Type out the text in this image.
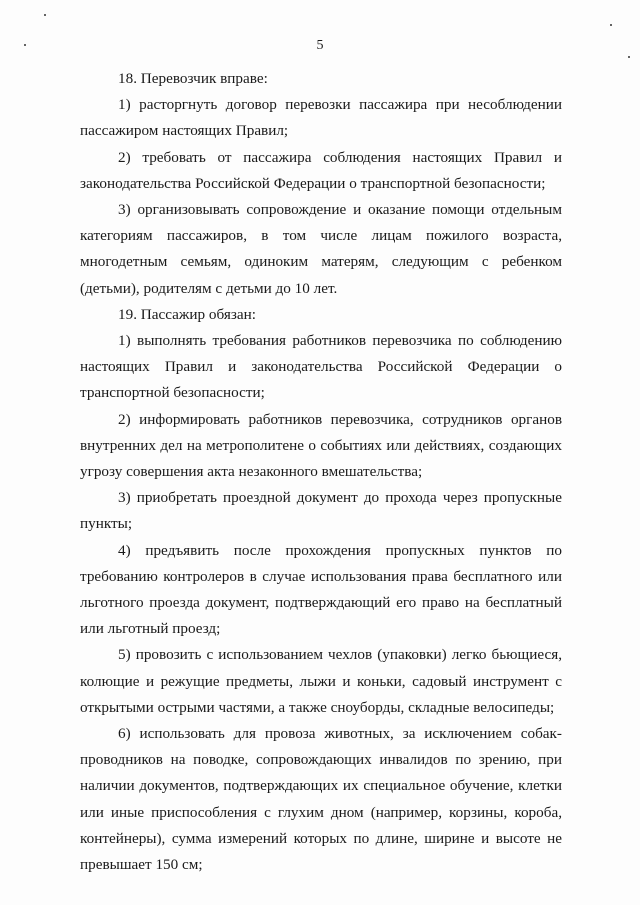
5

18. Перевозчик вправе:

1) расторгнуть договор перевозки пассажира при несоблюдении пассажиром настоящих Правил;

2) требовать от пассажира соблюдения настоящих Правил и законодательства Российской Федерации о транспортной безопасности;

3) организовывать сопровождение и оказание помощи отдельным категориям пассажиров, в том числе лицам пожилого возраста, многодетным семьям, одиноким матерям, следующим с ребенком (детьми), родителям с детьми до 10 лет.

19. Пассажир обязан:

1) выполнять требования работников перевозчика по соблюдению настоящих Правил и законодательства Российской Федерации о транспортной безопасности;

2) информировать работников перевозчика, сотрудников органов внутренних дел на метрополитене о событиях или действиях, создающих угрозу совершения акта незаконного вмешательства;

3) приобретать проездной документ до прохода через пропускные пункты;

4) предъявить после прохождения пропускных пунктов по требованию контролеров в случае использования права бесплатного или льготного проезда документ, подтверждающий его право на бесплатный или льготный проезд;

5) провозить с использованием чехлов (упаковки) легко бьющиеся, колющие и режущие предметы, лыжи и коньки, садовый инструмент с открытыми острыми частями, а также сноуборды, складные велосипеды;

6) использовать для провоза животных, за исключением собак-проводников на поводке, сопровождающих инвалидов по зрению, при наличии документов, подтверждающих их специальное обучение, клетки или иные приспособления с глухим дном (например, корзины, короба, контейнеры), сумма измерений которых по длине, ширине и высоте не превышает 150 см;
